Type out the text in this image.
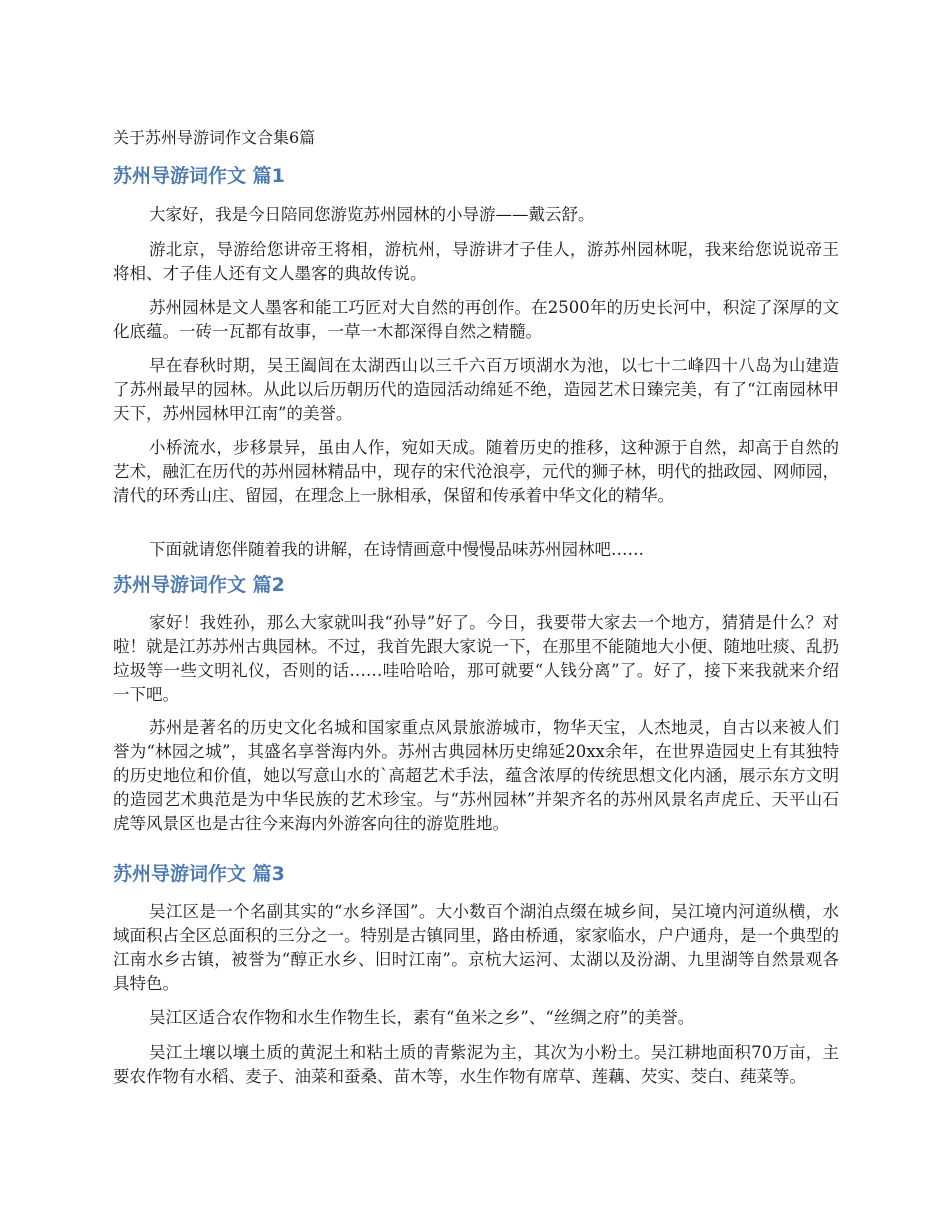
关于苏州导游词作文合集6篇
苏州导游词作文 篇1

大家好，我是今日陪同您游览苏州园林的小导游——戴云舒。

游北京，导游给您讲帝王将相，游杭州，导游讲才子佳人，游苏州园林呢，我来给您说说帝王将相、才子佳人还有文人墨客的典故传说。

苏州园林是文人墨客和能工巧匠对大自然的再创作。在2500年的历史长河中，积淀了深厚的文化底蕴。一砖一瓦都有故事，一草一木都深得自然之精髓。

早在春秋时期，吴王阖闾在太湖西山以三千六百万顷湖水为池，以七十二峰四十八岛为山建造了苏州最早的园林。从此以后历朝历代的造园活动绵延不绝，造园艺术日臻完美，有了“江南园林甲天下，苏州园林甲江南”的美誉。

小桥流水，步移景异，虽由人作，宛如天成。随着历史的推移，这种源于自然，却高于自然的艺术，融汇在历代的苏州园林精品中，现存的宋代沧浪亭，元代的狮子林，明代的拙政园、网师园，清代的环秀山庄、留园，在理念上一脉相承，保留和传承着中华文化的精华。

下面就请您伴随着我的讲解，在诗情画意中慢慢品味苏州园林吧……

苏州导游词作文 篇2

家好！我姓孙，那么大家就叫我“孙导”好了。今日，我要带大家去一个地方，猜猜是什么？对啦！就是江苏苏州古典园林。不过，我首先跟大家说一下，在那里不能随地大小便、随地吐痰、乱扔垃圾等一些文明礼仪，否则的话……哇哈哈哈，那可就要“人钱分离”了。好了，接下来我就来介绍一下吧。

苏州是著名的历史文化名城和国家重点风景旅游城市，物华天宝，人杰地灵，自古以来被人们誉为“林园之城”，其盛名享誉海内外。苏州古典园林历史绵延20xx余年，在世界造园史上有其独特的历史地位和价值，她以写意山水的`高超艺术手法，蕴含浓厚的传统思想文化内涵，展示东方文明的造园艺术典范是为中华民族的艺术珍宝。与“苏州园林”并架齐名的苏州风景名声虎丘、天平山石虎等风景区也是古往今来海内外游客向往的游览胜地。

苏州导游词作文 篇3

吴江区是一个名副其实的“水乡泽国”。大小数百个湖泊点缀在城乡间，吴江境内河道纵横，水域面积占全区总面积的三分之一。特别是古镇同里，路由桥通，家家临水，户户通舟，是一个典型的江南水乡古镇，被誉为“醇正水乡、旧时江南”。京杭大运河、太湖以及汾湖、九里湖等自然景观各具特色。

吴江区适合农作物和水生作物生长，素有“鱼米之乡”、“丝绸之府”的美誉。

吴江土壤以壤土质的黄泥土和粘土质的青紫泥为主，其次为小粉土。吴江耕地面积70万亩，主要农作物有水稻、麦子、油菜和蚕桑、苗木等，水生作物有席草、莲藕、芡实、茭白、莼菜等。
